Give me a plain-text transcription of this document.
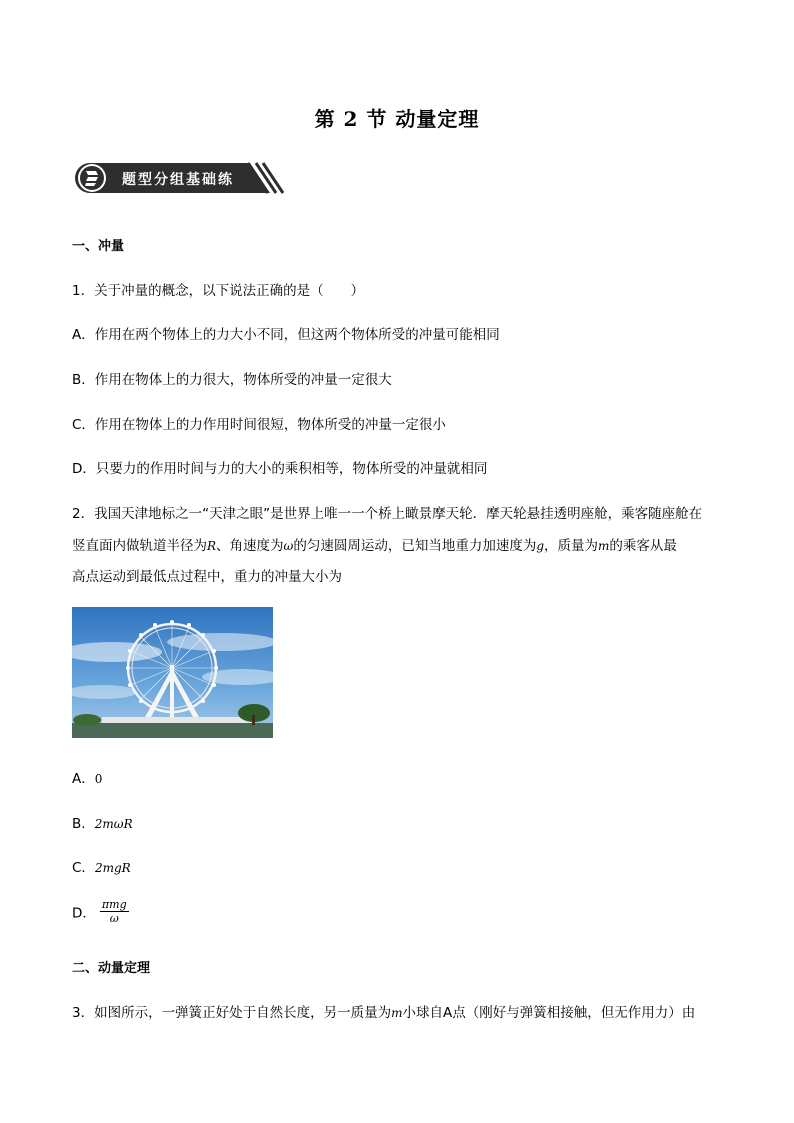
第 2 节 动量定理
题型分组基础练
一、冲量
1．关于冲量的概念，以下说法正确的是（　　）
A．作用在两个物体上的力大小不同，但这两个物体所受的冲量可能相同
B．作用在物体上的力很大，物体所受的冲量一定很大
C．作用在物体上的力作用时间很短，物体所受的冲量一定很小
D．只要力的作用时间与力的大小的乘积相等，物体所受的冲量就相同
2．我国天津地标之一“天津之眼”是世界上唯一一个桥上瞰景摩天轮．摩天轮悬挂透明座舱，乘客随座舱在
竖直面内做轨道半径为R、角速度为ω的匀速圆周运动，已知当地重力加速度为g，质量为m的乘客从最
高点运动到最低点过程中，重力的冲量大小为
A．0
B．2mωR
C．2mgR
D． $\frac{\text{πmg}}{\omega}$
二、动量定理
3．如图所示，一弹簧正好处于自然长度，另一质量为m小球自A点（刚好与弹簧相接触，但无作用力）由
